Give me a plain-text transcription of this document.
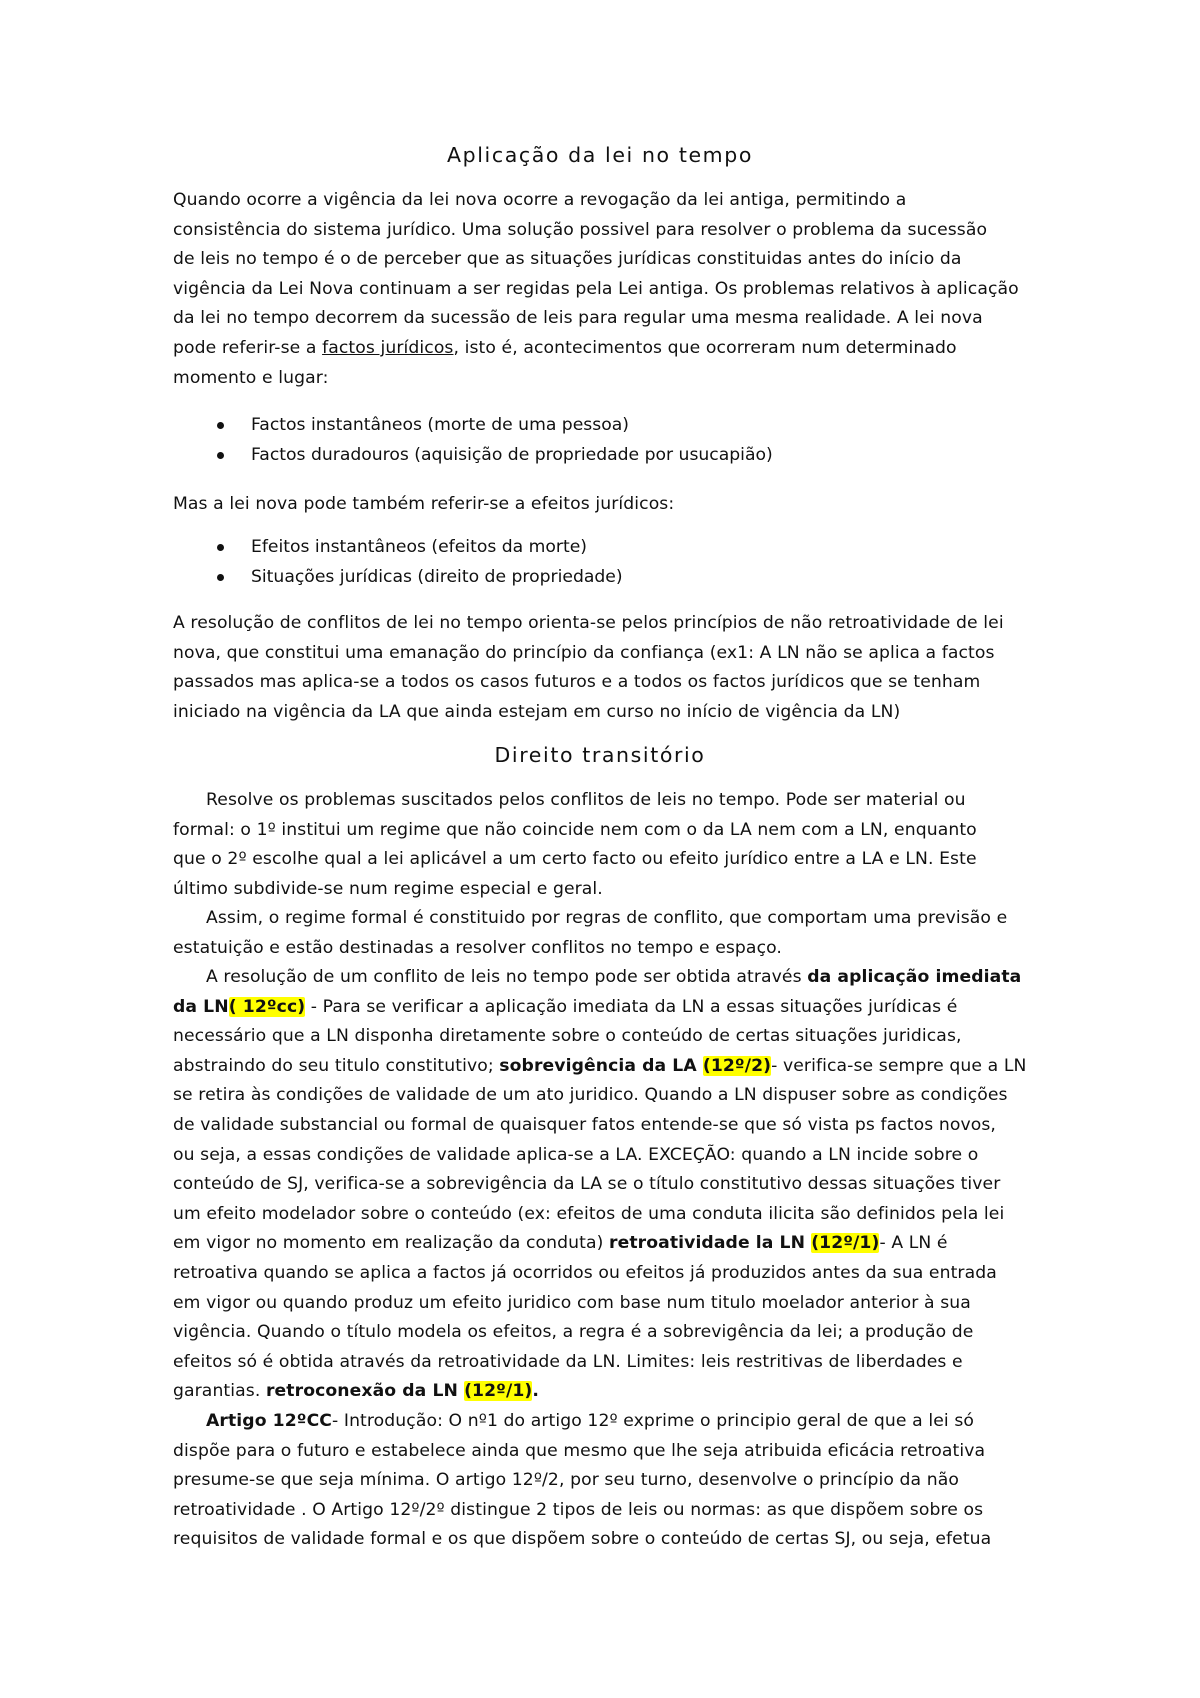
Aplicação da lei no tempo
Quando ocorre a vigência da lei nova ocorre a revogação da lei antiga, permitindo a
consistência do sistema jurídico. Uma solução possivel para resolver o problema da sucessão
de leis no tempo é o de perceber que as situações jurídicas constituidas antes do início da
vigência da Lei Nova continuam a ser regidas pela Lei antiga. Os problemas relativos à aplicação
da lei no tempo decorrem da sucessão de leis para regular uma mesma realidade. A lei nova
pode referir-se a factos jurídicos, isto é, acontecimentos que ocorreram num determinado
momento e lugar:
Factos instantâneos (morte de uma pessoa)
Factos duradouros (aquisição de propriedade por usucapião)
Mas a lei nova pode também referir-se a efeitos jurídicos:
Efeitos instantâneos (efeitos da morte)
Situações jurídicas (direito de propriedade)
A resolução de conflitos de lei no tempo orienta-se pelos princípios de não retroatividade de lei
nova, que constitui uma emanação do princípio da confiança (ex1: A LN não se aplica a factos
passados mas aplica-se a todos os casos futuros e a todos os factos jurídicos que se tenham
iniciado na vigência da LA que ainda estejam em curso no início de vigência da LN)
Direito transitório
Resolve os problemas suscitados pelos conflitos de leis no tempo. Pode ser material ou
formal: o 1º institui um regime que não coincide nem com o da LA nem com a LN, enquanto
que o 2º escolhe qual a lei aplicável a um certo facto ou efeito jurídico entre a LA e LN. Este
último subdivide-se num regime especial e geral.
Assim, o regime formal é constituido por regras de conflito, que comportam uma previsão e
estatuição e estão destinadas a resolver conflitos no tempo e espaço.
A resolução de um conflito de leis no tempo pode ser obtida através da aplicação imediata
da LN( 12ºcc) - Para se verificar a aplicação imediata da LN a essas situações jurídicas é
necessário que a LN disponha diretamente sobre o conteúdo de certas situações juridicas,
abstraindo do seu titulo constitutivo; sobrevigência da LA (12º/2)- verifica-se sempre que a LN
se retira às condições de validade de um ato juridico. Quando a LN dispuser sobre as condições
de validade substancial ou formal de quaisquer fatos entende-se que só vista ps factos novos,
ou seja, a essas condições de validade aplica-se a LA. EXCEÇÃO: quando a LN incide sobre o
conteúdo de SJ, verifica-se a sobrevigência da LA se o título constitutivo dessas situações tiver
um efeito modelador sobre o conteúdo (ex: efeitos de uma conduta ilicita são definidos pela lei
em vigor no momento em realização da conduta) retroatividade la LN (12º/1)- A LN é
retroativa quando se aplica a factos já ocorridos ou efeitos já produzidos antes da sua entrada
em vigor ou quando produz um efeito juridico com base num titulo moelador anterior à sua
vigência. Quando o título modela os efeitos, a regra é a sobrevigência da lei; a produção de
efeitos só é obtida através da retroatividade da LN. Limites: leis restritivas de liberdades e
garantias. retroconexão da LN (12º/1).
Artigo 12ºCC- Introdução: O nº1 do artigo 12º exprime o principio geral de que a lei só
dispõe para o futuro e estabelece ainda que mesmo que lhe seja atribuida eficácia retroativa
presume-se que seja mínima. O artigo 12º/2, por seu turno, desenvolve o princípio da não
retroatividade . O Artigo 12º/2º distingue 2 tipos de leis ou normas: as que dispõem sobre os
requisitos de validade formal e os que dispõem sobre o conteúdo de certas SJ, ou seja, efetua
